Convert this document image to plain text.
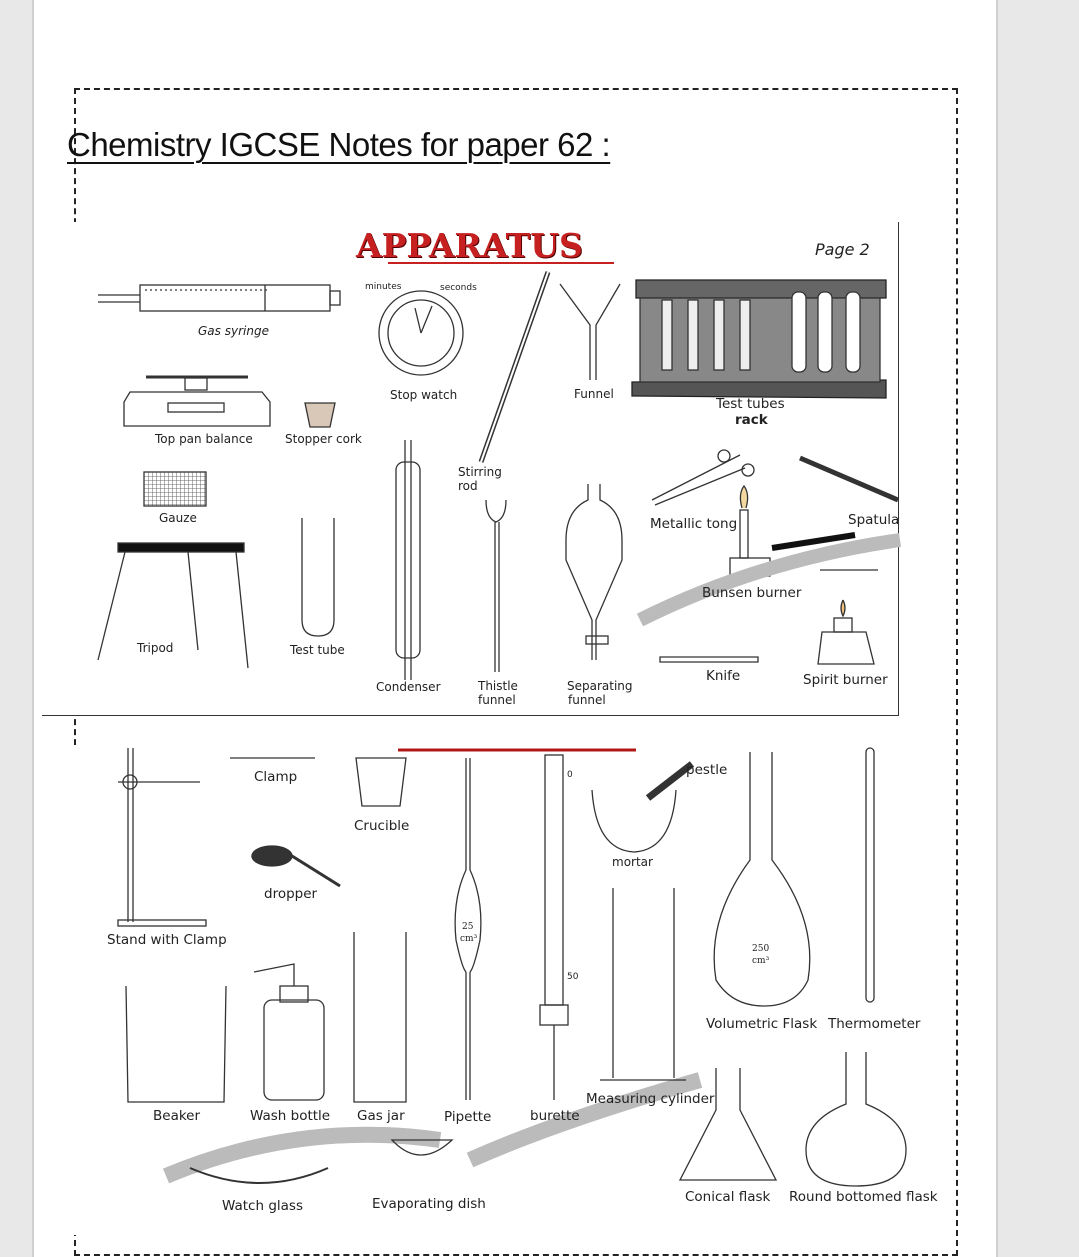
Chemistry IGCSE Notes for paper 62 :
APPARATUS	Page 2
Gas syringe
minutes	seconds
Stop watch	Funnel
Test tubes
rack
Top pan balance	Stopper cork
Stirring
rod
Gauze	Metallic tong	Spatula
Bunsen burner
Tripod	Test tube
Condenser	Thistle
funnel
Separating
funnel
Knife	Spirit burner
Clamp
Crucible
pestle
mortar
dropper
Stand with Clamp
25
cm³
250
cm³
0
50
Volumetric Flask Thermometer
Measuring cylinder
Beaker	Wash bottle Gas jar	Pipette	burette
Conical flask Round bottomed flask
Watch glass	Evaporating dish
